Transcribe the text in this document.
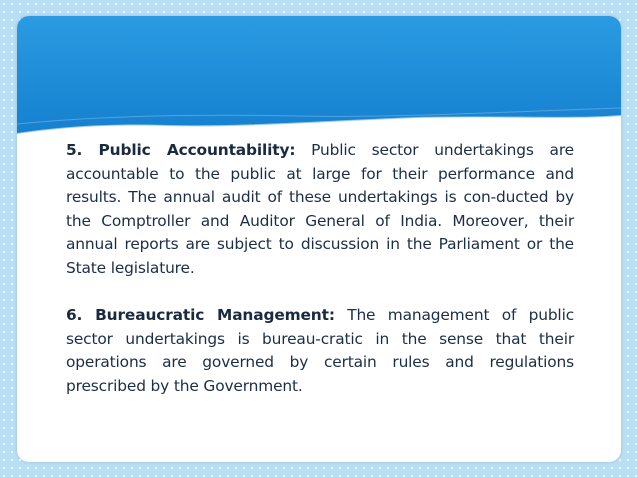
5. Public Accountability: Public sector undertakings are accountable to the public at large for their performance and results. The annual audit of these undertakings is con-ducted by the Comptroller and Auditor General of India. Moreover, their annual reports are subject to discussion in the Parliament or the State legislature.

6. Bureaucratic Management: The management of public sector undertakings is bureau-cratic in the sense that their operations are governed by certain rules and regulations prescribed by the Government.
